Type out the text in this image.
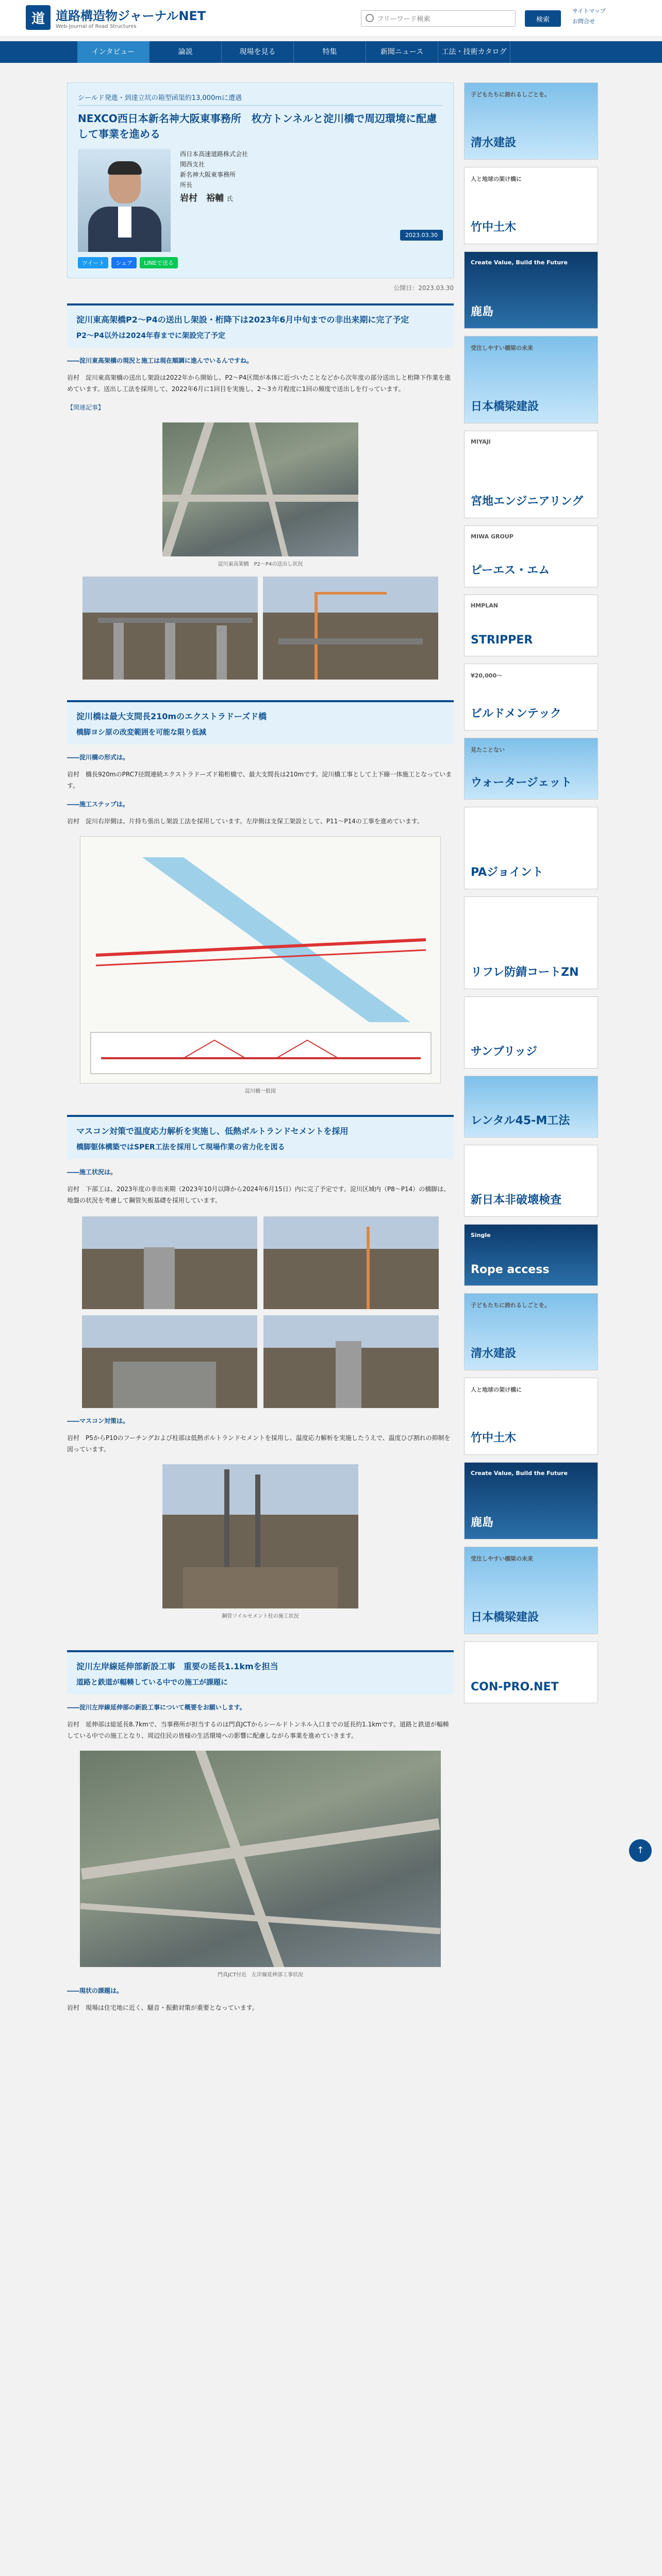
道 道路構造物ジャーナルNET
Web-Journal of Road Structures
フリーワード検索
検索
サイトマップ
お問合せ
インタビュー	論説	現場を見る	特集	新聞ニュース	工法・技術カタログ
シールド発進・到達立坑の箱型函渠約13,000mに遭遇
NEXCO西日本新名神大阪東事務所　枚方トンネルと淀川橋で周辺環境に配慮して事業を進める
西日本高速道路株式会社
関西支社
新名神大阪東事務所
所長
岩村　裕輔 氏
2023.03.30
ツイート	シェア	LINEで送る
公開日：2023.03.30
淀川東高架橋P2～P4の送出し架設・桁降下は2023年6月中旬までの非出来期に完了予定
P2～P4以外は2024年春までに架設完了予定
――淀川東高架橋の現況と施工は現在順調に進んでいるんですね。
岩村　淀川東高架橋の送出し架設は2022年から開始し、P2～P4区間が本体に近づいたことなどから次年度の部分送出しと桁降下作業を進めています。送出し工法を採用して、2022年6月に1回目を実施し、2～3カ月程度に1回の頻度で送出しを行っています。
【関連記事】
淀川東高架橋　P2～P4の送出し状況
淀川橋は最大支間長210mのエクストラドーズド橋
橋脚ヨシ原の改変範囲を可能な限り低減
――淀川橋の形式は。
岩村　橋長920mのPRC7径間連続エクストラドーズド箱桁橋で、最大支間長は210mです。淀川橋工事として上下線一体施工となっています。
――施工ステップは。
岩村　淀川右岸側は、片持ち張出し架設工法を採用しています。左岸側は支保工架設として、P11～P14の工事を進めています。
淀川橋一般図
マスコン対策で温度応力解析を実施し、低熱ポルトランドセメントを採用
橋脚躯体構築ではSPER工法を採用して現場作業の省力化を図る
――施工状況は。
岩村　下部工は、2023年度の非出来期（2023年10月以降から2024年6月15日）内に完了予定です。淀川区域内（P8～P14）の橋脚は、地盤の状況を考慮して鋼管矢板基礎を採用しています。
――マスコン対策は。
岩村　P5からP10のフーチングおよび柱部は低熱ポルトランドセメントを採用し、温度応力解析を実施したうえで、温度ひび割れの抑制を図っています。
鋼管ソイルセメント柱の施工状況
淀川左岸線延伸部新設工事　重要の延長1.1kmを担当
道路と鉄道が輻輳している中での施工が課題に
――淀川左岸線延伸部の新設工事について概要をお願いします。
岩村　延伸部は総延長8.7kmで、当事務所が担当するのは門真JCTからシールドトンネル入口までの延長約1.1kmです。道路と鉄道が輻輳している中での施工となり、周辺住民の皆様の生活環境への影響に配慮しながら事業を進めていきます。
門真JCT付近　左岸線延伸部工事状況
――現状の課題は。
岩村　現場は住宅地に近く、騒音・振動対策が重要となっています。
子どもたちに誇れるしごとを。
清水建設
人と地球の架け橋に
竹中土木
Create Value, Build the Future
鹿島
受注しやすい橋梁の未来
日本橋梁建設
MIYAJI
宮地エンジニアリング
MIWA GROUP
ピーエス・エム
HMPLAN
STRIPPER
¥20,000〜
ビルドメンテック
見たことない
ウォータージェット
PAジョイント
リフレ防錆コートZN
サンブリッジ
レンタル45-M工法
新日本非破壊検査
Single
Rope access
子どもたちに誇れるしごとを。
清水建設
人と地球の架け橋に
竹中土木
Create Value, Build the Future
鹿島
受注しやすい橋梁の未来
日本橋梁建設
CON-PRO.NET
↑
